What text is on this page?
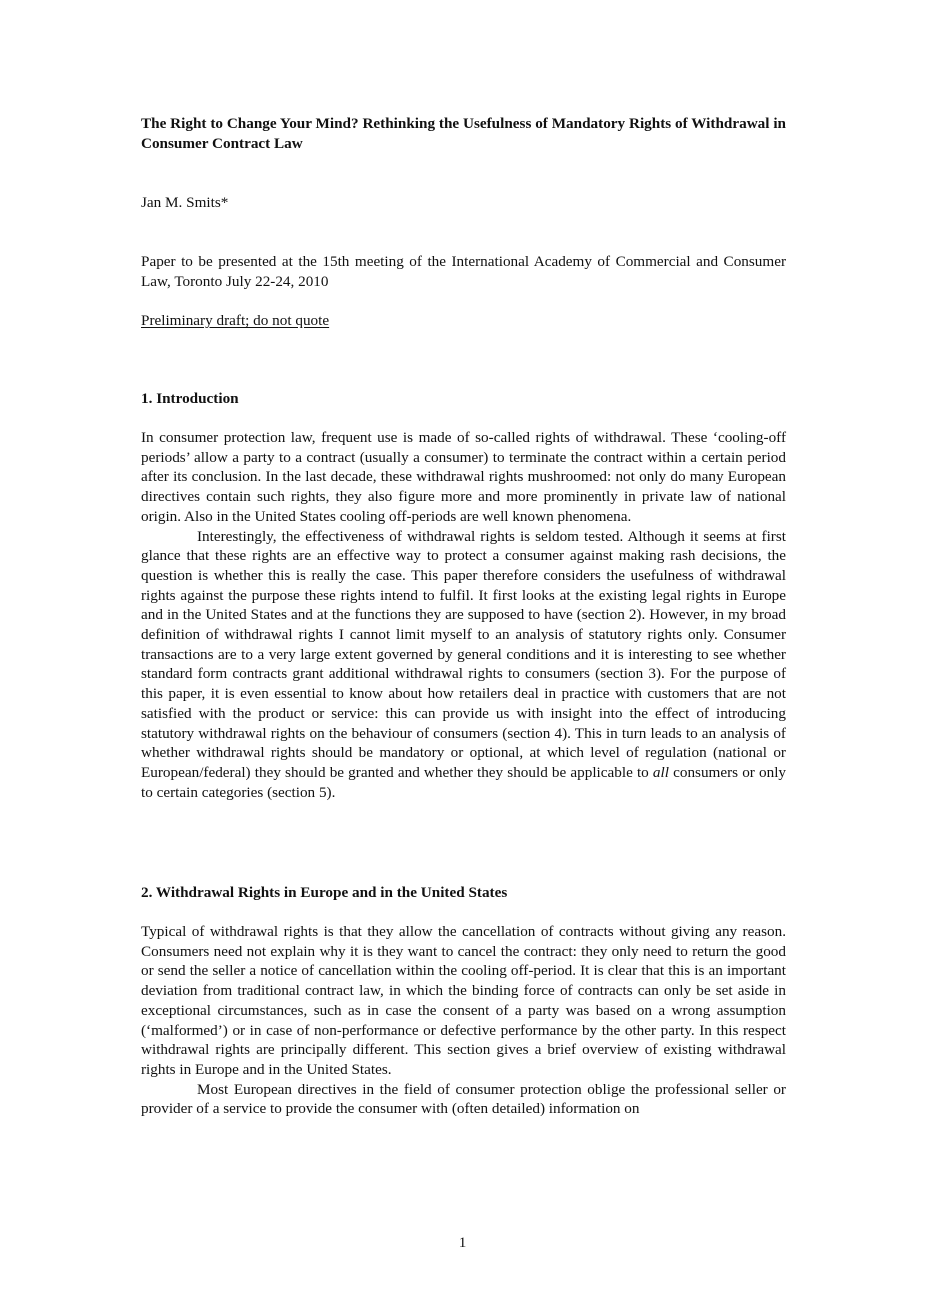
The Right to Change Your Mind? Rethinking the Usefulness of Mandatory Rights of Withdrawal in Consumer Contract Law
Jan M. Smits*
Paper to be presented at the 15th meeting of the International Academy of Commercial and Consumer Law, Toronto July 22-24, 2010
Preliminary draft; do not quote
1. Introduction

In consumer protection law, frequent use is made of so-called rights of withdrawal. These ‘cooling-off periods’ allow a party to a contract (usually a consumer) to terminate the contract within a certain period after its conclusion. In the last decade, these withdrawal rights mushroomed: not only do many European directives contain such rights, they also figure more and more prominently in private law of national origin. Also in the United States cooling off-periods are well known phenomena.

Interestingly, the effectiveness of withdrawal rights is seldom tested. Although it seems at first glance that these rights are an effective way to protect a consumer against making rash decisions, the question is whether this is really the case. This paper therefore considers the usefulness of withdrawal rights against the purpose these rights intend to fulfil. It first looks at the existing legal rights in Europe and in the United States and at the functions they are supposed to have (section 2). However, in my broad definition of withdrawal rights I cannot limit myself to an analysis of statutory rights only. Consumer transactions are to a very large extent governed by general conditions and it is interesting to see whether standard form contracts grant additional withdrawal rights to consumers (section 3). For the purpose of this paper, it is even essential to know about how retailers deal in practice with customers that are not satisfied with the product or service: this can provide us with insight into the effect of introducing statutory withdrawal rights on the behaviour of consumers (section 4). This in turn leads to an analysis of whether withdrawal rights should be mandatory or optional, at which level of regulation (national or European/federal) they should be granted and whether they should be applicable to all consumers or only to certain categories (section 5).

2. Withdrawal Rights in Europe and in the United States

Typical of withdrawal rights is that they allow the cancellation of contracts without giving any reason. Consumers need not explain why it is they want to cancel the contract: they only need to return the good or send the seller a notice of cancellation within the cooling off-period. It is clear that this is an important deviation from traditional contract law, in which the binding force of contracts can only be set aside in exceptional circumstances, such as in case the consent of a party was based on a wrong assumption (‘malformed’) or in case of non-performance or defective performance by the other party. In this respect withdrawal rights are principally different. This section gives a brief overview of existing withdrawal rights in Europe and in the United States.

Most European directives in the field of consumer protection oblige the professional seller or provider of a service to provide the consumer with (often detailed) information on

1
